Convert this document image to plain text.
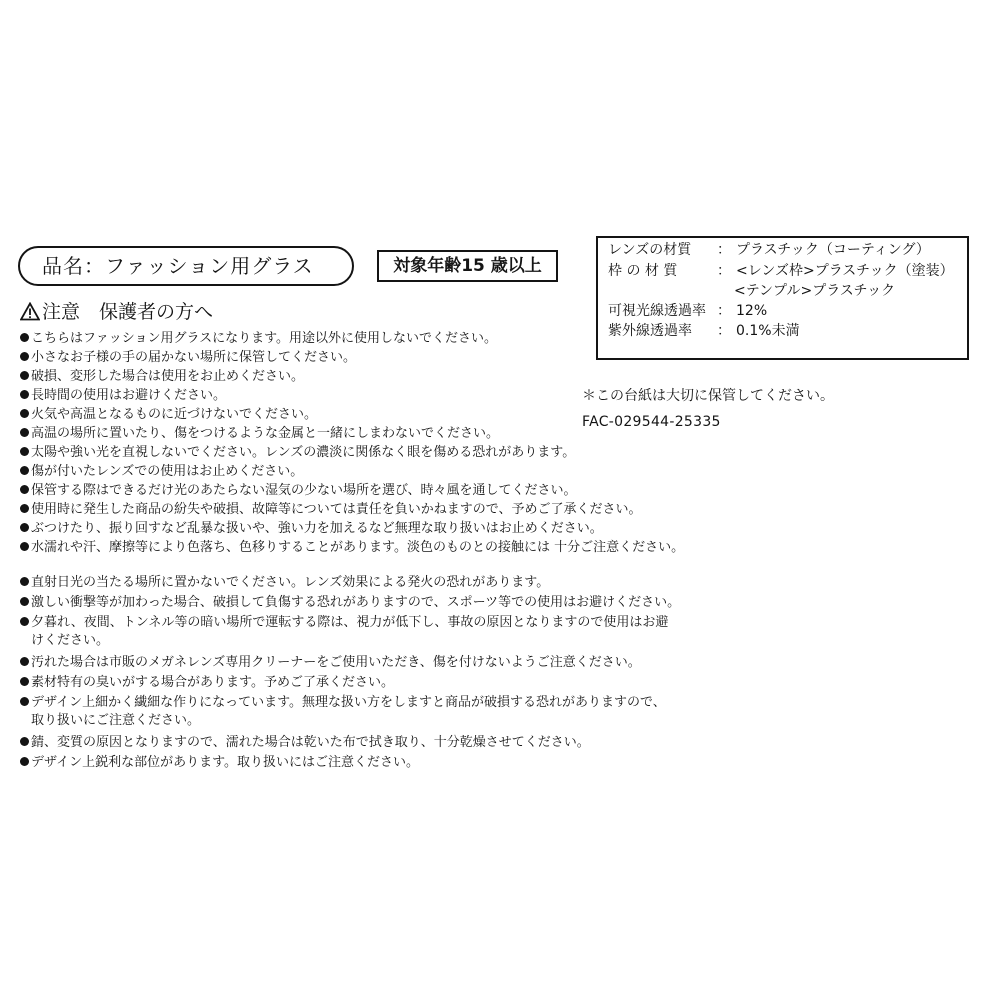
品名：ファッション用グラス	対象年齢15 歳以上
レンズの材質 ： プラスチック（コーティング）
枠 の 材 質	： <レンズ枠>プラスチック（塗装）
<テンプル>プラスチック
可視光線透過率 ： 12%
紫外線透過率 ： 0.1%未満
注意　保護者の方へ
こちらはファッション用グラスになります。用途以外に使用しないでください。
小さなお子様の手の届かない場所に保管してください。
破損、変形した場合は使用をお止めください。
長時間の使用はお避けください。
火気や高温となるものに近づけないでください。
高温の場所に置いたり、傷をつけるような金属と一緒にしまわないでください。
太陽や強い光を直視しないでください。レンズの濃淡に関係なく眼を傷める恐れがあります。
傷が付いたレンズでの使用はお止めください。
保管する際はできるだけ光のあたらない湿気の少ない場所を選び、時々風を通してください。
使用時に発生した商品の紛失や破損、故障等については責任を負いかねますので、予めご了承ください。
ぶつけたり、振り回すなど乱暴な扱いや、強い力を加えるなど無理な取り扱いはお止めください。
水濡れや汗、摩擦等により色落ち、色移りすることがあります。淡色のものとの接触には 十分ご注意ください。
直射日光の当たる場所に置かないでください。レンズ効果による発火の恐れがあります。
激しい衝撃等が加わった場合、破損して負傷する恐れがありますので、スポーツ等での使用はお避けください。
夕暮れ、夜間、トンネル等の暗い場所で運転する際は、視力が低下し、事故の原因となりますので使用はお避
けください。
汚れた場合は市販のメガネレンズ専用クリーナーをご使用いただき、傷を付けないようご注意ください。
素材特有の臭いがする場合があります。予めご了承ください。
デザイン上細かく繊細な作りになっています。無理な扱い方をしますと商品が破損する恐れがありますので、
取り扱いにご注意ください。
錆、変質の原因となりますので、濡れた場合は乾いた布で拭き取り、十分乾燥させてください。
デザイン上鋭利な部位があります。取り扱いにはご注意ください。
＊この台紙は大切に保管してください。
FAC-029544-25335
